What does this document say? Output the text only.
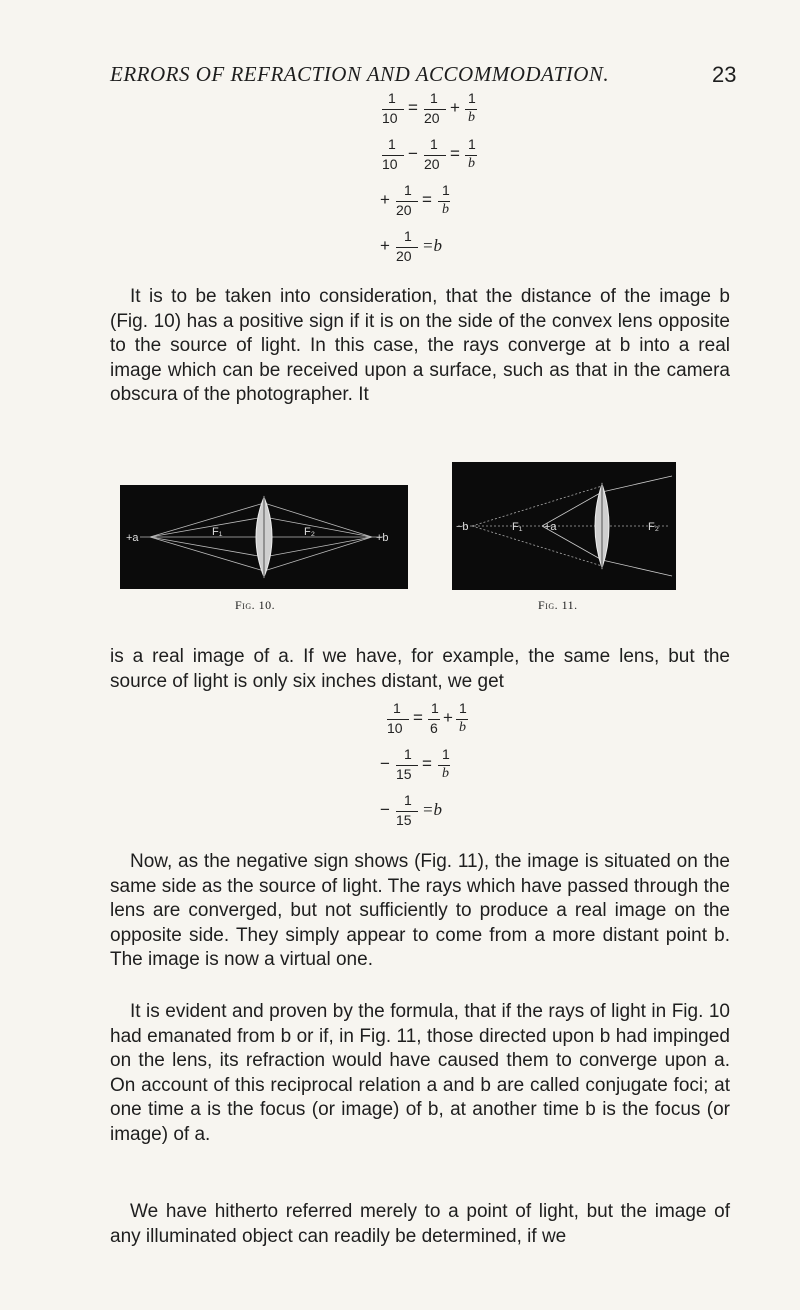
ERRORS OF REFRACTION AND ACCOMMODATION.	23
1
10
= 1
20
+ 1
b
1
10
− 1
20
= 1
b
+ 1
20
= 1
b
+ 1
20
=b

It is to be taken into consideration, that the distance of the image b (Fig. 10) has a positive sign if it is on the side of the convex lens opposite to the source of light. In this case, the rays converge at b into a real image which can be received upon a surface, such as that in the camera obscura of the photographer. It

+a	F₁	F₂	+b
Fig. 10.
−b	F₁ +a	F₂
Fig. 11.

is a real image of a. If we have, for example, the same lens, but the source of light is only six inches distant, we get

1
10
= 1
6
+ 1
b
− 1
15
= 1
b
− 1
15
=b

Now, as the negative sign shows (Fig. 11), the image is situated on the same side as the source of light. The rays which have passed through the lens are converged, but not sufficiently to produce a real image on the opposite side. They simply appear to come from a more distant point b. The image is now a virtual one.

It is evident and proven by the formula, that if the rays of light in Fig. 10 had emanated from b or if, in Fig. 11, those directed upon b had impinged on the lens, its refraction would have caused them to converge upon a. On account of this reciprocal relation a and b are called conjugate foci; at one time a is the focus (or image) of b, at another time b is the focus (or image) of a.

We have hitherto referred merely to a point of light, but the image of any illuminated object can readily be determined, if we
